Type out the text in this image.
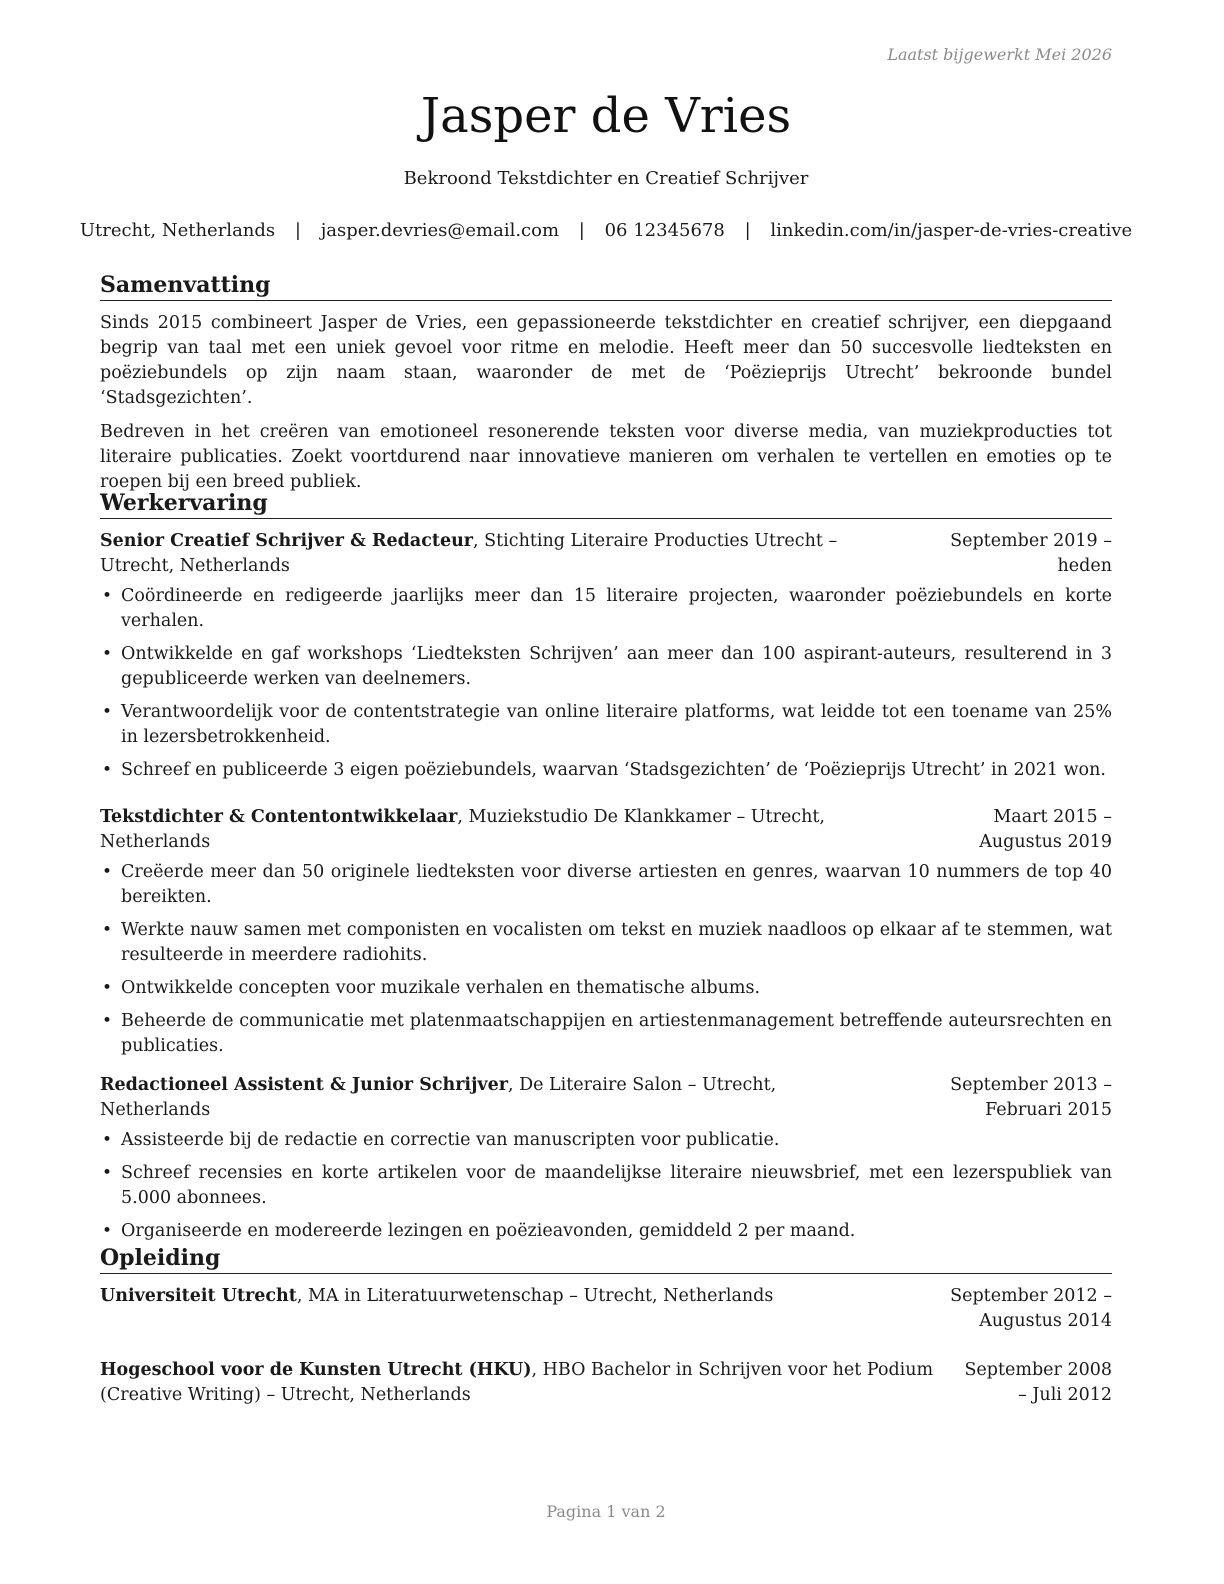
Laatst bijgewerkt Mei 2026
Jasper de Vries
Bekroond Tekstdichter en Creatief Schrijver
Utrecht, Netherlands | jasper.devries@email.com | 06 12345678 | linkedin.com/in/jasper-de-vries-creative
Samenvatting

Sinds 2015 combineert Jasper de Vries, een gepassioneerde tekstdichter en creatief schrijver, een diepgaand begrip van taal met een uniek gevoel voor ritme en melodie. Heeft meer dan 50 succesvolle liedteksten en poëziebundels op zijn naam staan, waaronder de met de ‘Poëzieprijs Utrecht’ bekroonde bundel ‘Stadsgezichten’.

Bedreven in het creëren van emotioneel resonerende teksten voor diverse media, van muziekproducties tot literaire publicaties. Zoekt voortdurend naar innovatieve manieren om verhalen te vertellen en emoties op te roepen bij een breed publiek.

Werkervaring
Senior Creatief Schrijver & Redacteur, Stichting Literaire Producties Utrecht – Utrecht, Netherlands
September 2019 – heden
• Coördineerde en redigeerde jaarlijks meer dan 15 literaire projecten, waaronder poëziebundels en korte verhalen.
• Ontwikkelde en gaf workshops ‘Liedteksten Schrijven’ aan meer dan 100 aspirant-auteurs, resulterend in 3 gepubliceerde werken van deelnemers.
• Verantwoordelijk voor de contentstrategie van online literaire platforms, wat leidde tot een toename van 25% in lezersbetrokkenheid.
• Schreef en publiceerde 3 eigen poëziebundels, waarvan ‘Stadsgezichten’ de ‘Poëzieprijs Utrecht’ in 2021 won.
Tekstdichter & Contentontwikkelaar, Muziekstudio De Klankkamer – Utrecht, Netherlands
Maart 2015 – Augustus 2019
• Creëerde meer dan 50 originele liedteksten voor diverse artiesten en genres, waarvan 10 nummers de top 40 bereikten.
• Werkte nauw samen met componisten en vocalisten om tekst en muziek naadloos op elkaar af te stemmen, wat resulteerde in meerdere radiohits.
• Ontwikkelde concepten voor muzikale verhalen en thematische albums.
• Beheerde de communicatie met platenmaatschappijen en artiestenmanagement betreffende auteursrechten en publicaties.
Redactioneel Assistent & Junior Schrijver, De Literaire Salon – Utrecht, Netherlands
September 2013 – Februari 2015
• Assisteerde bij de redactie en correctie van manuscripten voor publicatie.
• Schreef recensies en korte artikelen voor de maandelijkse literaire nieuwsbrief, met een lezerspubliek van 5.000 abonnees.
• Organiseerde en modereerde lezingen en poëzieavonden, gemiddeld 2 per maand.
Opleiding
Universiteit Utrecht, MA in Literatuurwetenschap – Utrecht, Netherlands	September 2012 – Augustus 2014
Hogeschool voor de Kunsten Utrecht (HKU), HBO Bachelor in Schrijven voor het Podium (Creative Writing) – Utrecht, Netherlands
September 2008 – Juli 2012
Pagina 1 van 2
